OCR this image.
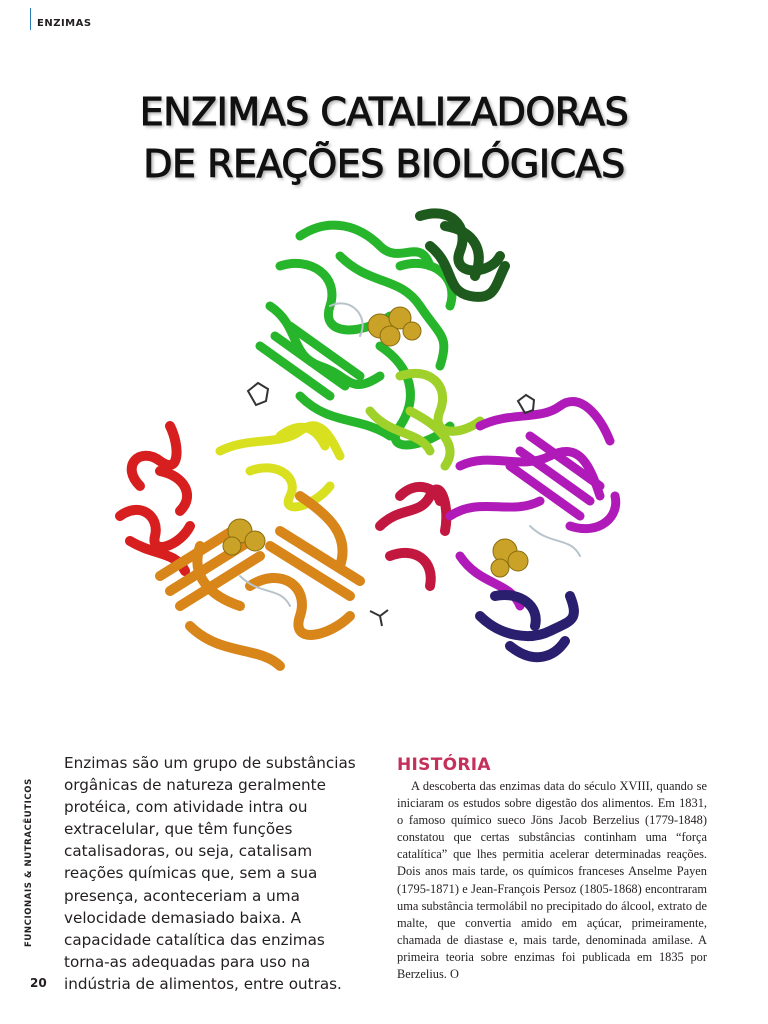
ENZIMAS
ENZIMAS CATALIZADORAS
DE REAÇÕES BIOLÓGICAS
FUNCIONAIS & NUTRACÊUTICOS
20

Enzimas são um grupo de substâncias orgânicas de natureza geralmente protéica, com atividade intra ou extracelular, que têm funções catalisadoras, ou seja, catalisam reações químicas que, sem a sua presença, aconteceriam a uma velocidade demasiado baixa. A capacidade catalítica das enzimas torna-as adequadas para uso na indústria de alimentos, entre outras.

HISTÓRIA

A descoberta das enzimas data do século XVIII, quando se iniciaram os estudos sobre digestão dos alimentos. Em 1831, o famoso químico sueco Jöns Jacob Berzelius (1779-1848) constatou que certas substâncias continham uma “força catalítica” que lhes permitia acelerar determinadas reações. Dois anos mais tarde, os químicos franceses Anselme Payen (1795-1871) e Jean-François Persoz (1805-1868) encontraram uma substância termolábil no precipitado do álcool, extrato de malte, que convertia amido em açúcar, primeiramente, chamada de diastase e, mais tarde, denominada amilase. A primeira teoria sobre enzimas foi publicada em 1835 por Berzelius. O
